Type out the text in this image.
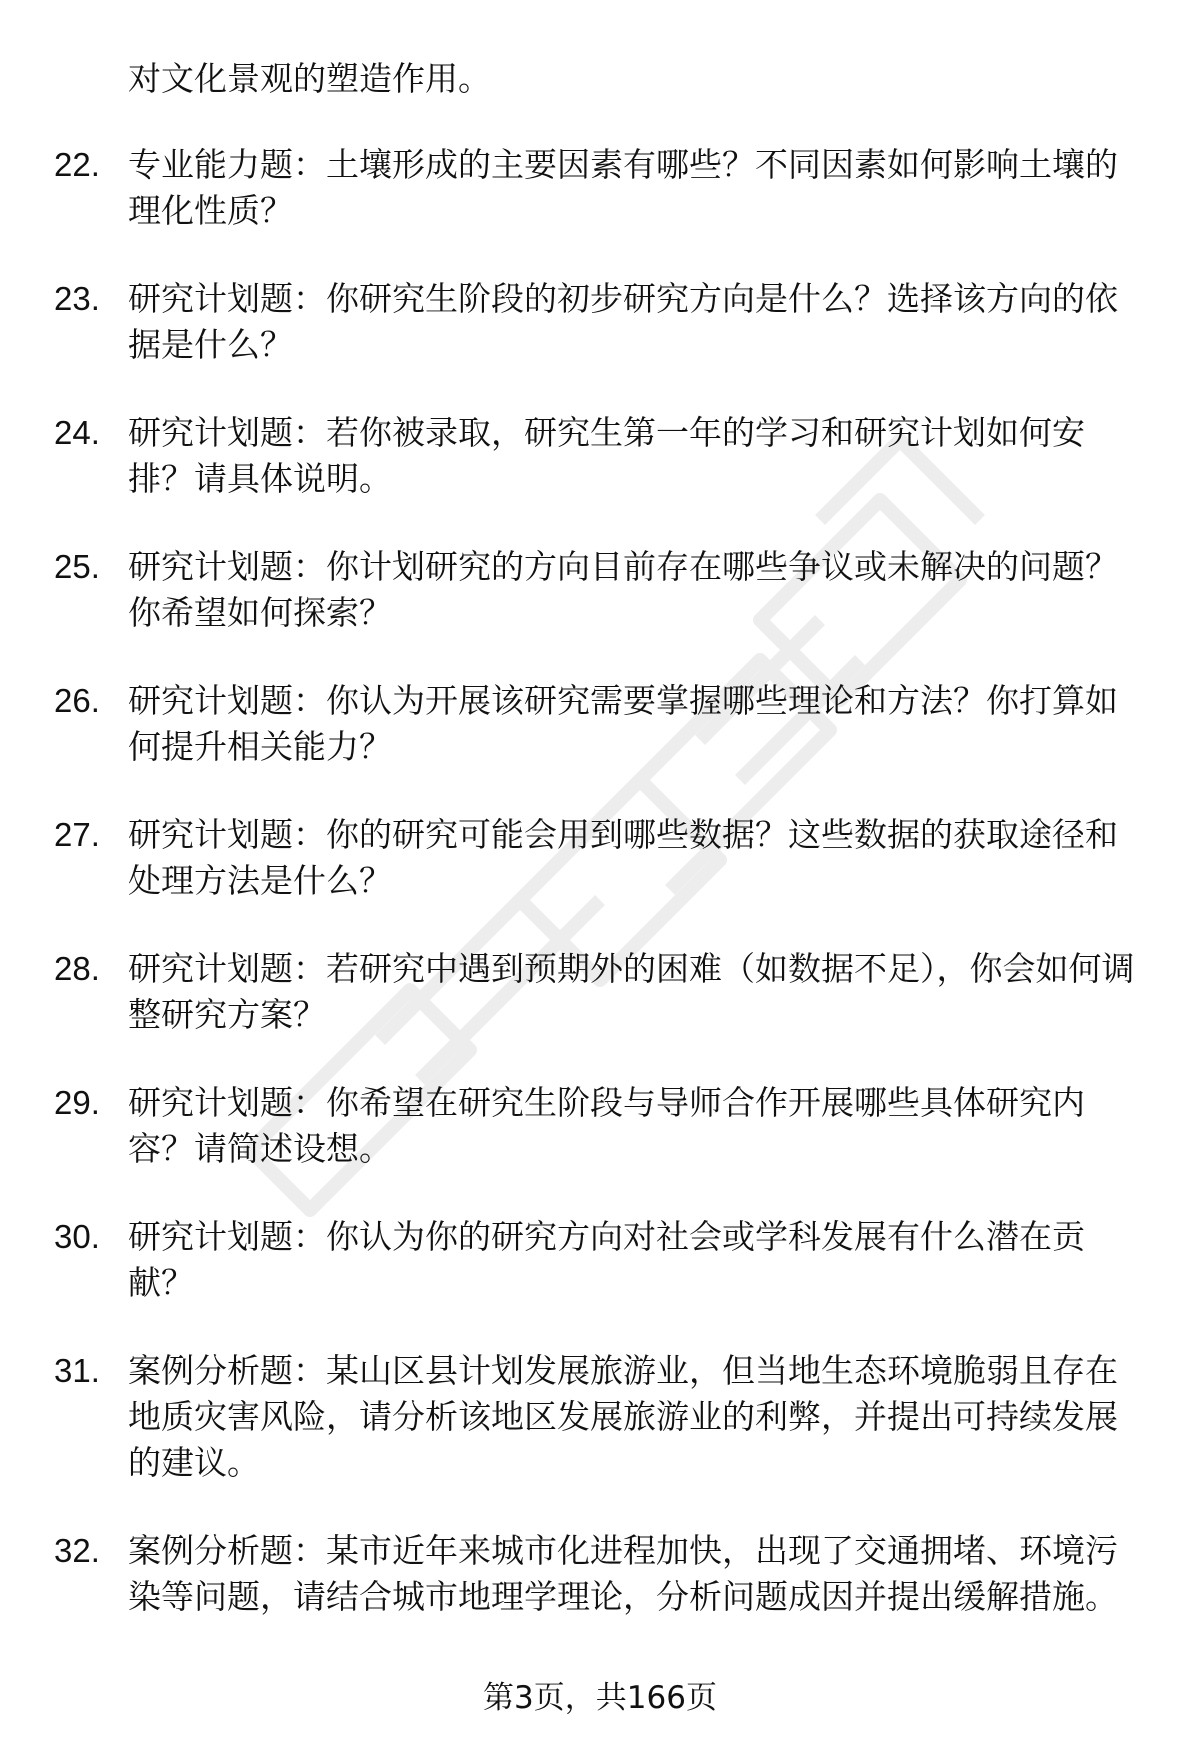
对文化景观的塑造作用。

22. 专业能力题：土壤形成的主要因素有哪些？不同因素如何影响土壤的理化性质？
23. 研究计划题：你研究生阶段的初步研究方向是什么？选择该方向的依据是什么？
24. 研究计划题：若你被录取，研究生第一年的学习和研究计划如何安排？请具体说明。
25. 研究计划题：你计划研究的方向目前存在哪些争议或未解决的问题？你希望如何探索？
26. 研究计划题：你认为开展该研究需要掌握哪些理论和方法？你打算如何提升相关能力？
27. 研究计划题：你的研究可能会用到哪些数据？这些数据的获取途径和处理方法是什么？
28. 研究计划题：若研究中遇到预期外的困难（如数据不足），你会如何调整研究方案？
29. 研究计划题：你希望在研究生阶段与导师合作开展哪些具体研究内容？请简述设想。
30. 研究计划题：你认为你的研究方向对社会或学科发展有什么潜在贡献？
31. 案例分析题：某山区县计划发展旅游业，但当地生态环境脆弱且存在地质灾害风险，请分析该地区发展旅游业的利弊，并提出可持续发展的建议。
32. 案例分析题：某市近年来城市化进程加快，出现了交通拥堵、环境污染等问题，请结合城市地理学理论，分析问题成因并提出缓解措施。
第3页，共166页
